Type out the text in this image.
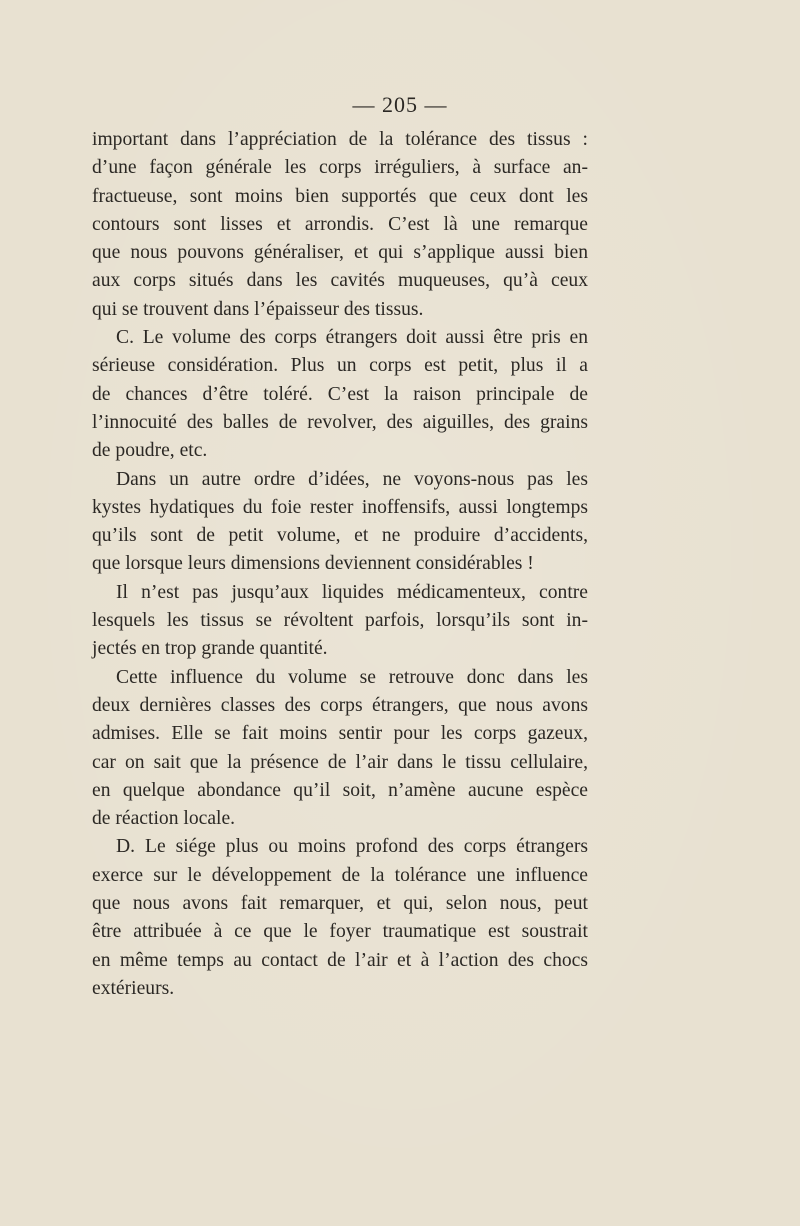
— 205 —
important dans l’appréciation de la tolérance des tissus :
d’une façon générale les corps irréguliers, à surface an-
fractueuse, sont moins bien supportés que ceux dont les
contours sont lisses et arrondis. C’est là une remarque
que nous pouvons généraliser, et qui s’applique aussi bien
aux corps situés dans les cavités muqueuses, qu’à ceux
qui se trouvent dans l’épaisseur des tissus.
C. Le volume des corps étrangers doit aussi être pris en
sérieuse considération. Plus un corps est petit, plus il a
de chances d’être toléré. C’est la raison principale de
l’innocuité des balles de revolver, des aiguilles, des grains
de poudre, etc.
Dans un autre ordre d’idées, ne voyons-nous pas les
kystes hydatiques du foie rester inoffensifs, aussi longtemps
qu’ils sont de petit volume, et ne produire d’accidents,
que lorsque leurs dimensions deviennent considérables !
Il n’est pas jusqu’aux liquides médicamenteux, contre
lesquels les tissus se révoltent parfois, lorsqu’ils sont in-
jectés en trop grande quantité.
Cette influence du volume se retrouve donc dans les
deux dernières classes des corps étrangers, que nous avons
admises. Elle se fait moins sentir pour les corps gazeux,
car on sait que la présence de l’air dans le tissu cellulaire,
en quelque abondance qu’il soit, n’amène aucune espèce
de réaction locale.
D. Le siége plus ou moins profond des corps étrangers
exerce sur le développement de la tolérance une influence
que nous avons fait remarquer, et qui, selon nous, peut
être attribuée à ce que le foyer traumatique est soustrait
en même temps au contact de l’air et à l’action des chocs
extérieurs.
